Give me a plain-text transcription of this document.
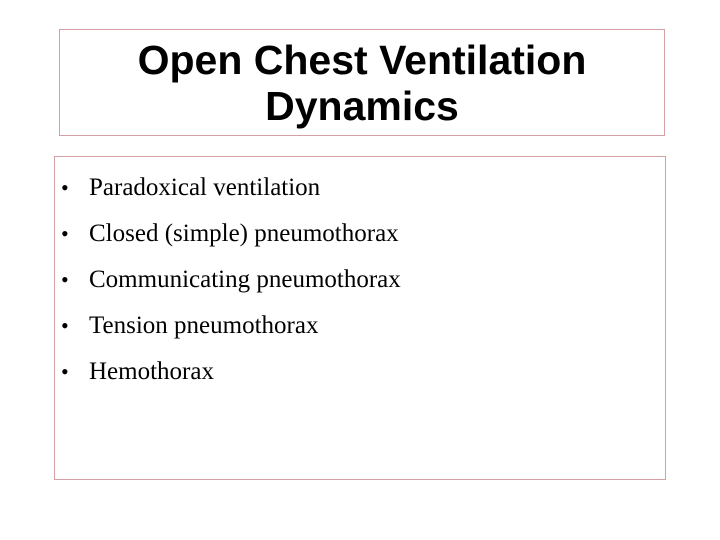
Open Chest Ventilation Dynamics
• Paradoxical ventilation
• Closed (simple) pneumothorax
• Communicating pneumothorax
• Tension pneumothorax
• Hemothorax
